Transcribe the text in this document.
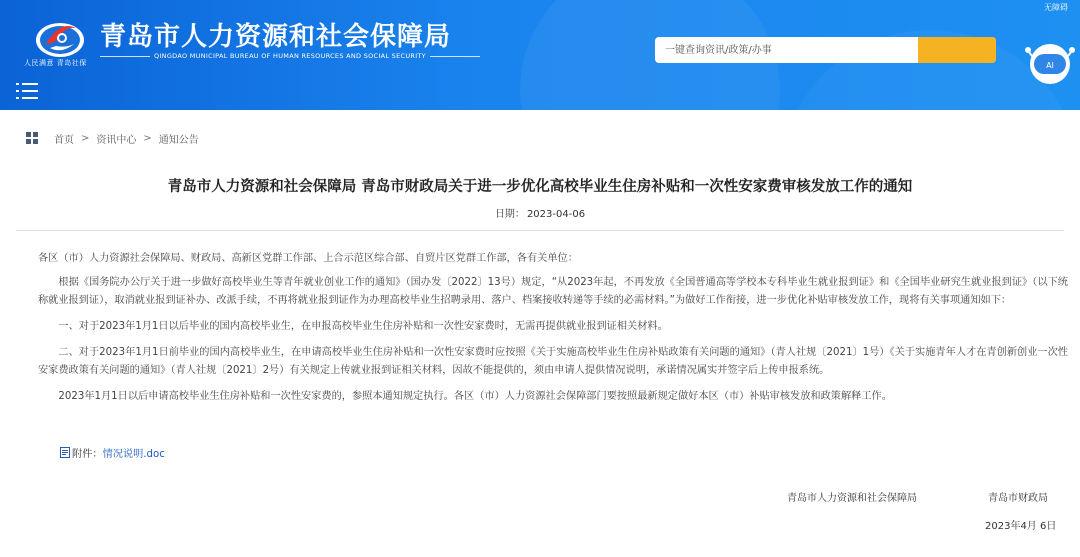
人民满意 青岛社保
青岛市人力资源和社会保障局
QINGDAO MUNICIPAL BUREAU OF HUMAN RESOURCES AND SOCIAL SECURITY
一键查询资讯/政策/办事
AI
无障碍
首页 > 资讯中心 > 通知公告
青岛市人力资源和社会保障局 青岛市财政局关于进一步优化高校毕业生住房补贴和一次性安家费审核发放工作的通知
日期： 2023-04-06

各区（市）人力资源社会保障局、财政局、高新区党群工作部、上合示范区综合部、自贸片区党群工作部，各有关单位：

根据《国务院办公厅关于进一步做好高校毕业生等青年就业创业工作的通知》（国办发〔2022〕13号）规定，“从2023年起，不再发放《全国普通高等学校本专科毕业生就业报到证》和《全国毕业研究生就业报到证》（以下统称就业报到证），取消就业报到证补办、改派手续，不再将就业报到证作为办理高校毕业生招聘录用、落户、档案接收转递等手续的必需材料。”为做好工作衔接，进一步优化补贴审核发放工作，现将有关事项通知如下：

一、对于2023年1月1日以后毕业的国内高校毕业生，在申报高校毕业生住房补贴和一次性安家费时，无需再提供就业报到证相关材料。

二、对于2023年1月1日前毕业的国内高校毕业生，在申请高校毕业生住房补贴和一次性安家费时应按照《关于实施高校毕业生住房补贴政策有关问题的通知》（青人社规〔2021〕1号）《关于实施青年人才在青创新创业一次性安家费政策有关问题的通知》（青人社规〔2021〕2号）有关规定上传就业报到证相关材料，因故不能提供的，须由申请人提供情况说明，承诺情况属实并签字后上传申报系统。

2023年1月1日以后申请高校毕业生住房补贴和一次性安家费的，参照本通知规定执行。各区（市）人力资源社会保障部门要按照最新规定做好本区（市）补贴审核发放和政策解释工作。

附件： 情况说明.doc
青岛市人力资源和社会保障局	青岛市财政局
2023年4月 6日
